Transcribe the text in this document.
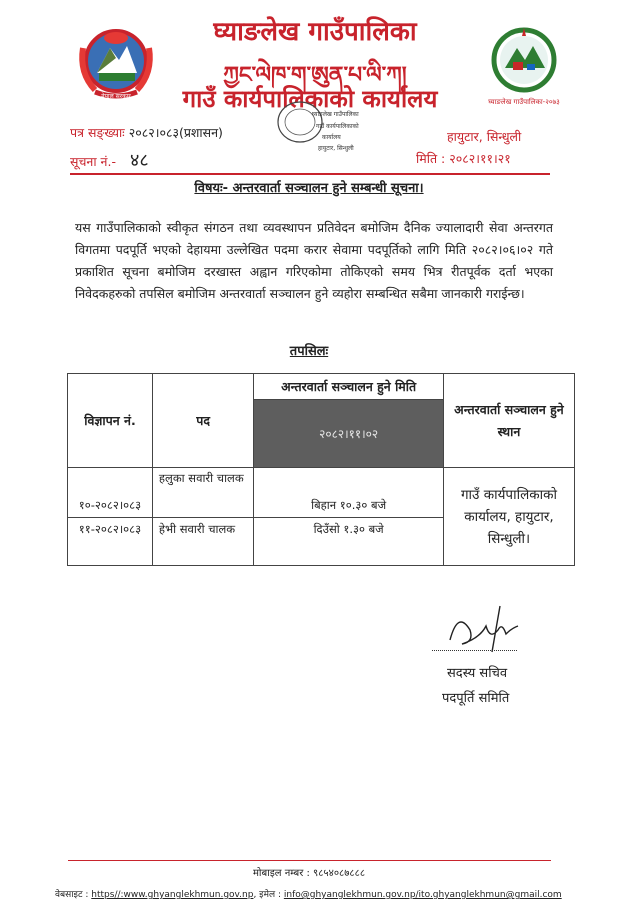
नेपाल सरकार
घ्याङलेख गाउँपालिका-२०७३
घ्याङलेख गाउँपालिका
ཀྱང་ལེཁ་ག་ཨུན་པ་ལི་ཀ།
गाउँ कार्यपालिकाको कार्यालय
पत्र सङ्ख्याः २०८२।०८३(प्रशासन)
सूचना नं.- ४८
हायुटार, सिन्धुली
मिति : २०८२।११।२१
घ्याङलेख गाउँपालिका
गाउँ कार्यपालिकाको
कार्यालय
हायुटार, सिन्धुली
विषयः- अन्तरवार्ता सञ्चालन हुने सम्बन्धी सूचना।
यस गाउँपालिकाको स्वीकृत संगठन तथा व्यवस्थापन प्रतिवेदन बमोजिम दैनिक ज्यालादारी सेवा अन्तरगत विगतमा पदपूर्ति भएको देहायमा उल्लेखित पदमा करार सेवामा पदपूर्तिको लागि मिति २०८२।०६।०२ गते प्रकाशित सूचना बमोजिम दरखास्त अह्वान गरिएकोमा तोकिएको समय भित्र रीतपूर्वक दर्ता भएका निवेदकहरुको तपसिल बमोजिम अन्तरवार्ता सञ्चालन हुने व्यहोरा सम्बन्धित सबैमा जानकारी गराईन्छ।
तपसिलः
विज्ञापन नं.	पद	अन्तरवार्ता सञ्चालन हुने मिति	अन्तरवार्ता सञ्चालन हुने स्थान
		२०८२।११।०२	
१०-२०८२।०८३	हलुका सवारी चालक	बिहान १०.३० बजे	गाउँ कार्यपालिकाको कार्यालय, हायुटार, सिन्धुली।
११-२०८२।०८३	हेभी सवारी चालक	दिउँसो १.३० बजे	
सदस्य सचिव
पदपूर्ति समिति
मोबाइल नम्बर : ९८५४०८७८८८
वेबसाइट : https//:www.ghyanglekhmun.gov.np, इमेल : info@ghyanglekhmun.gov.np/ito.ghyanglekhmun@gmail.com
